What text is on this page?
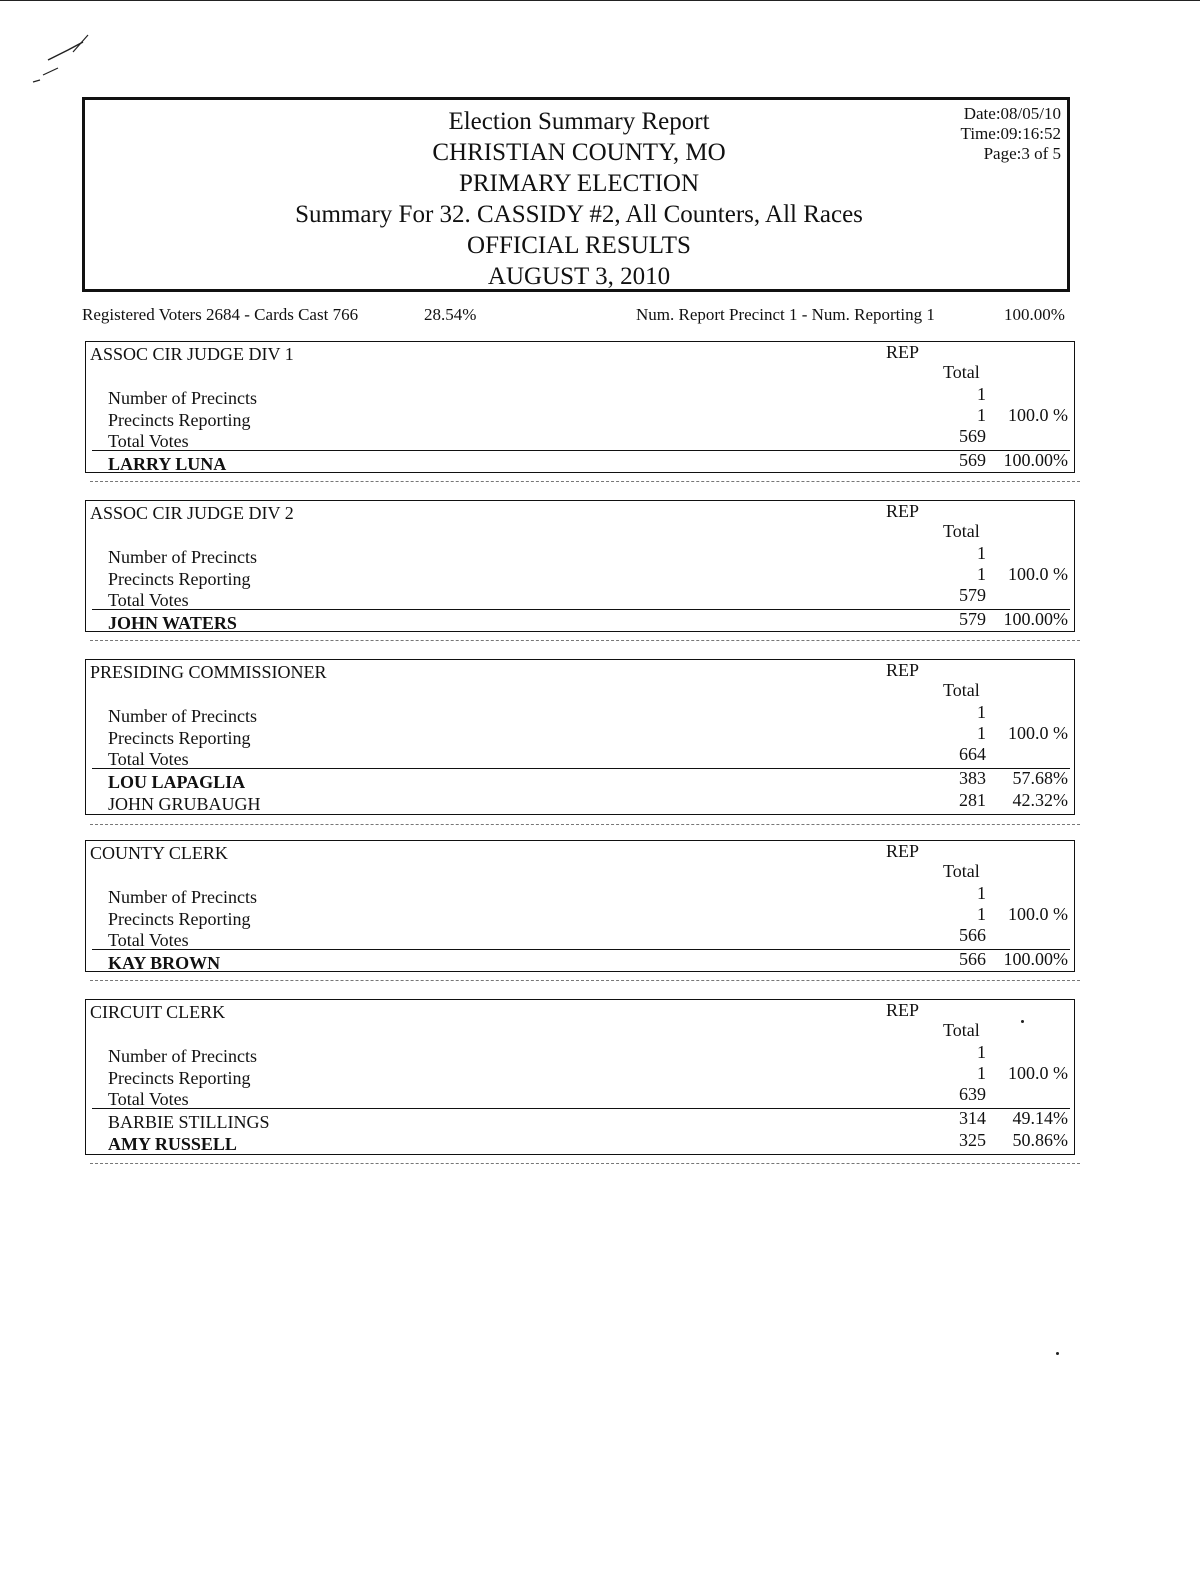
Election Summary Report
CHRISTIAN COUNTY, MO
PRIMARY ELECTION
Summary For 32. CASSIDY #2, All Counters, All Races
OFFICIAL RESULTS
AUGUST 3, 2010
Date:08/05/10
Time:09:16:52
Page:3 of 5
Registered Voters 2684 - Cards Cast 766	28.54%	Num. Report Precinct 1 - Num. Reporting 1	100.00%
ASSOC CIR JUDGE DIV 1	REP
Total
Number of Precincts	1
Precincts Reporting	1 100.0 %
Total Votes	569
LARRY LUNA	569 100.00%
ASSOC CIR JUDGE DIV 2	REP
Total
Number of Precincts	1
Precincts Reporting	1 100.0 %
Total Votes	579
JOHN WATERS	579 100.00%
PRESIDING COMMISSIONER	REP
Total
Number of Precincts	1
Precincts Reporting	1 100.0 %
Total Votes	664
LOU LAPAGLIA	383 57.68%
JOHN GRUBAUGH	281 42.32%
COUNTY CLERK	REP
Total
Number of Precincts	1
Precincts Reporting	1 100.0 %
Total Votes	566
KAY BROWN	566 100.00%
CIRCUIT CLERK	REP
Total
Number of Precincts	1
Precincts Reporting	1 100.0 %
Total Votes	639
BARBIE STILLINGS	314 49.14%
AMY RUSSELL	325 50.86%
